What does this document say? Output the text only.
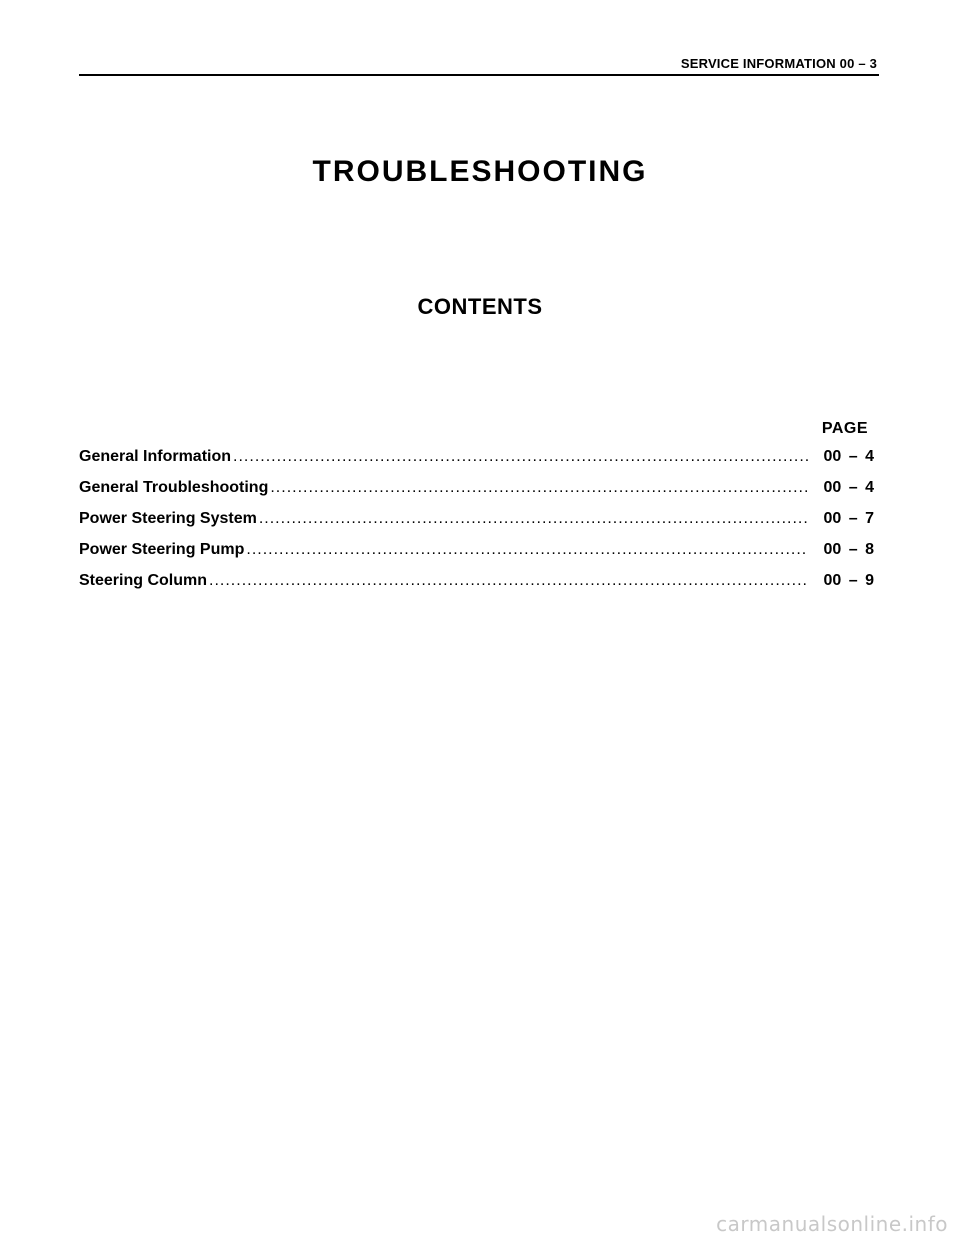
SERVICE INFORMATION 00 – 3
TROUBLESHOOTING
CONTENTS
PAGE
General Information .....	00 – 4
General Troubleshooting .....	00 – 4
Power Steering System .....	00 – 7
Power Steering Pump .....	00 – 8
Steering Column .....	00 – 9
carmanualsonline.info
